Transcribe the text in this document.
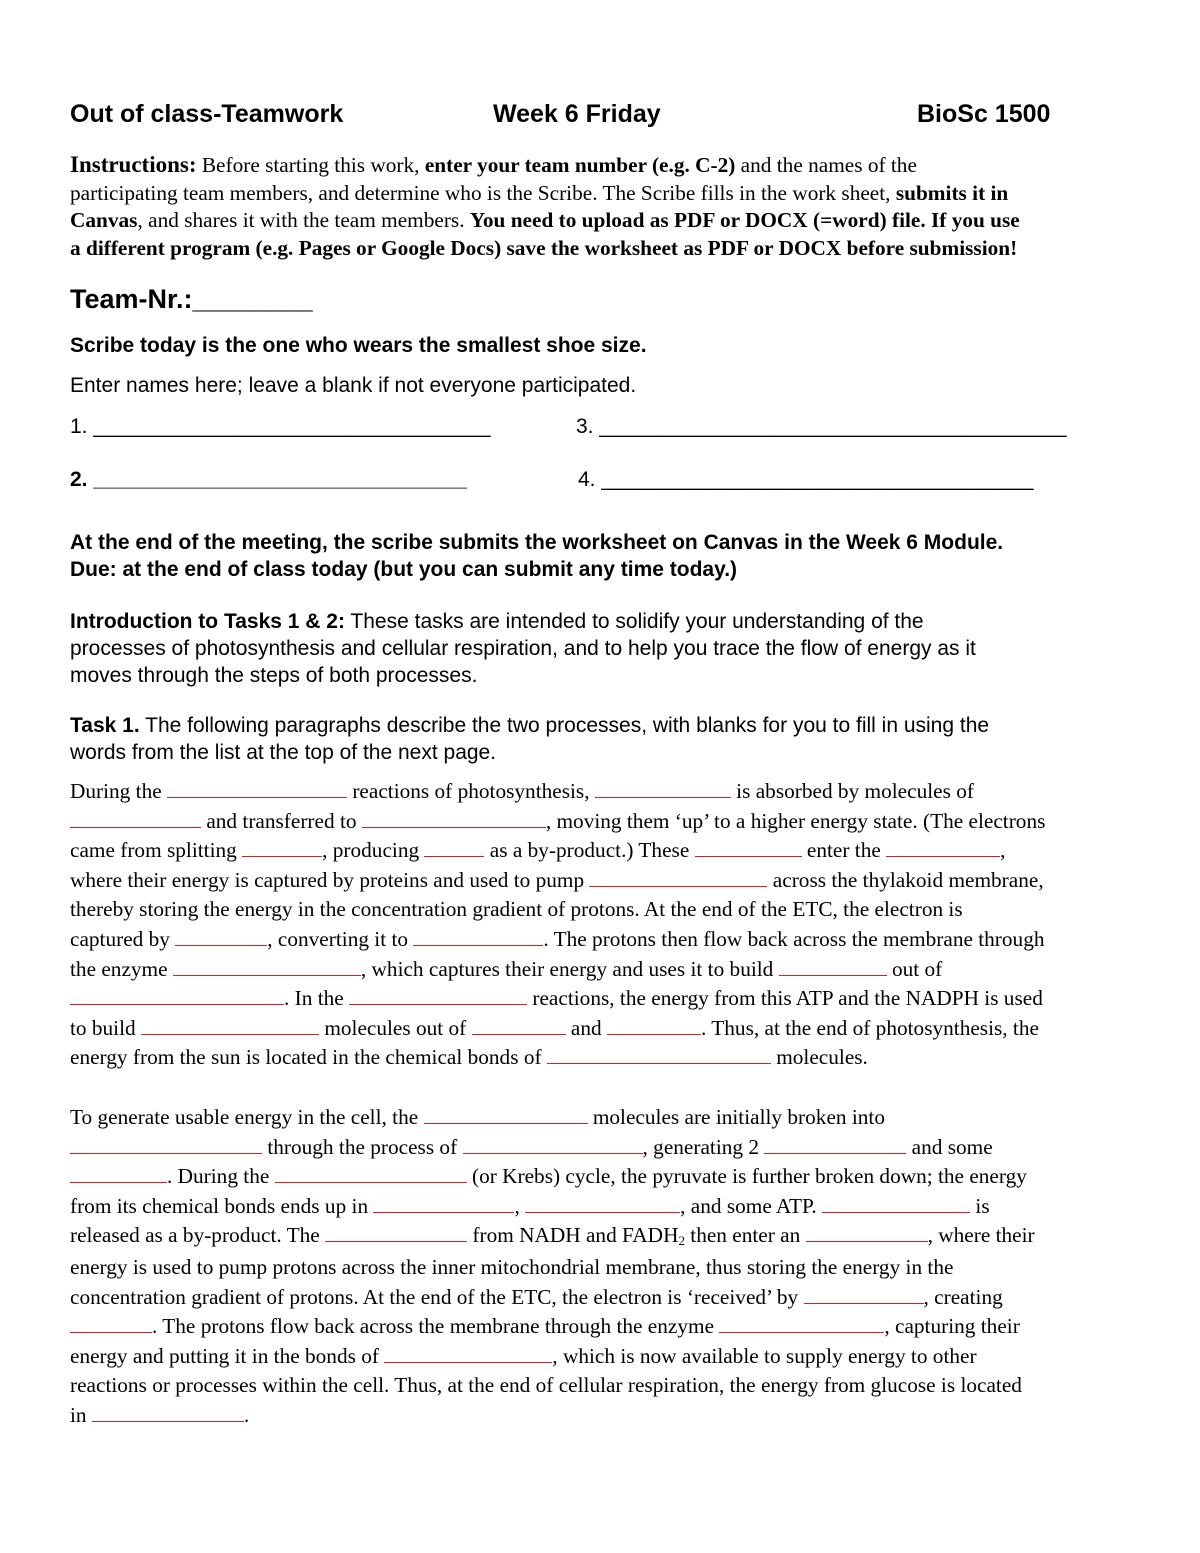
Out of class-Teamwork	Week 6 Friday	BioSc 1500

Instructions: Before starting this work, enter your team number (e.g. C-2) and the names of the

participating team members, and determine who is the Scribe. The Scribe fills in the work sheet, submits it in

Canvas, and shares it with the team members. You need to upload as PDF or DOCX (=word) file. If you use

a different program (e.g. Pages or Google Docs) save the worksheet as PDF or DOCX before submission!

Team-Nr.:________
Scribe today is the one who wears the smallest shoe size.
Enter names here; leave a blank if not everyone participated.
1. __________________________________	3. ________________________________________
2. ________________________________	4. _____________________________________
At the end of the meeting, the scribe submits the worksheet on Canvas in the Week 6 Module.
Due: at the end of class today (but you can submit any time today.)
Introduction to Tasks 1 & 2: These tasks are intended to solidify your understanding of the
processes of photosynthesis and cellular respiration, and to help you trace the flow of energy as it
moves through the steps of both processes.
Task 1. The following paragraphs describe the two processes, with blanks for you to fill in using the
words from the list at the top of the next page.

During the	reactions of photosynthesis,	is absorbed by molecules of

and transferred to	, moving them ‘up’ to a higher energy state. (The electrons

came from splitting	, producing	as a by-product.) These	enter the	,

where their energy is captured by proteins and used to pump	across the thylakoid membrane,

thereby storing the energy in the concentration gradient of protons. At the end of the ETC, the electron is

captured by	, converting it to	. The protons then flow back across the membrane through

the enzyme	, which captures their energy and uses it to build	out of

. In the	reactions, the energy from this ATP and the NADPH is used

to build	molecules out of	and	. Thus, at the end of photosynthesis, the

energy from the sun is located in the chemical bonds of	molecules.

To generate usable energy in the cell, the	molecules are initially broken into

through the process of	, generating 2	and some

. During the	(or Krebs) cycle, the pyruvate is further broken down; the energy

from its chemical bonds ends up in	,	, and some ATP.	is

released as a by-product. The	from NADH and FADH2 then enter an	, where their

energy is used to pump protons across the inner mitochondrial membrane, thus storing the energy in the

concentration gradient of protons. At the end of the ETC, the electron is ‘received’ by	, creating

. The protons flow back across the membrane through the enzyme	, capturing their

energy and putting it in the bonds of	, which is now available to supply energy to other

reactions or processes within the cell. Thus, at the end of cellular respiration, the energy from glucose is located

in	.
